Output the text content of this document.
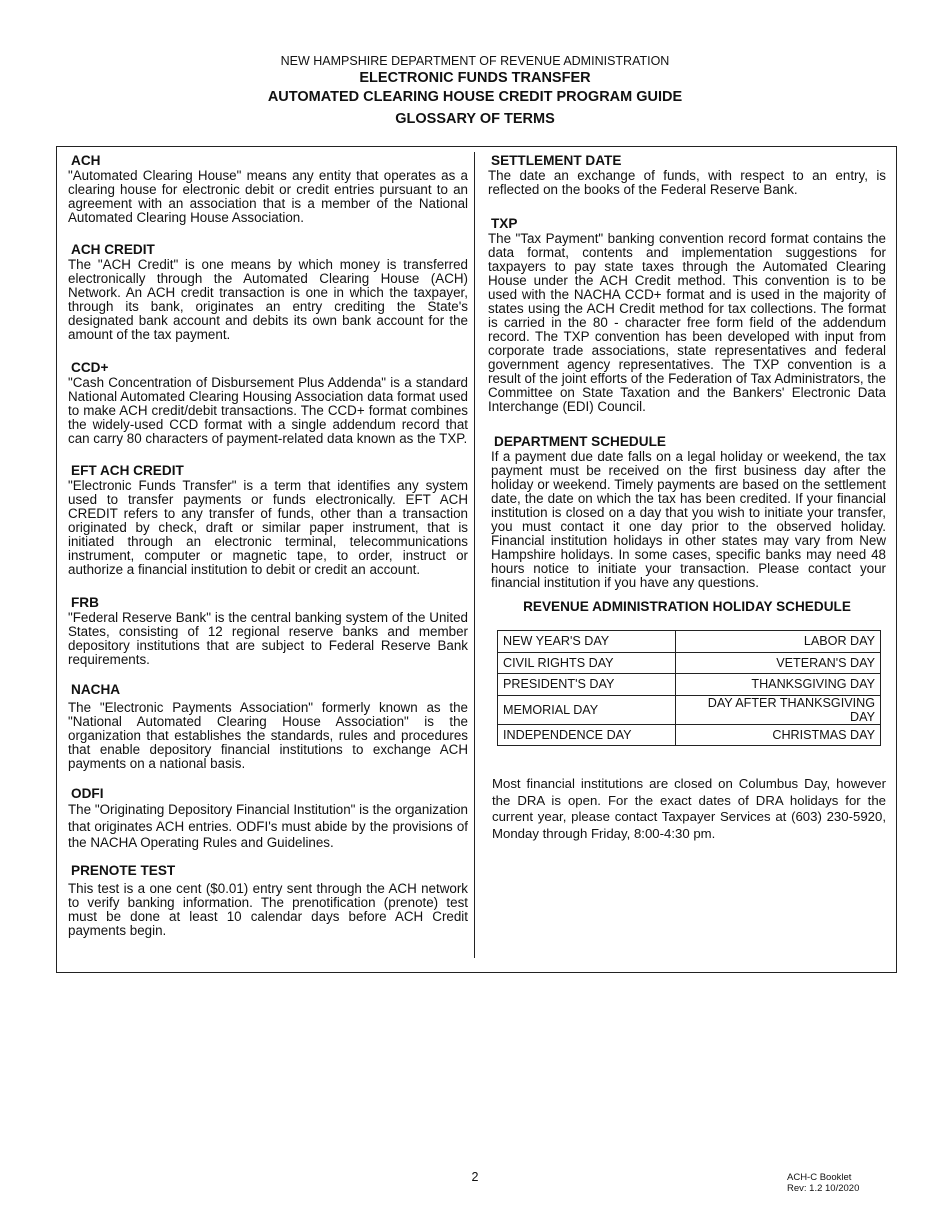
NEW HAMPSHIRE DEPARTMENT OF REVENUE ADMINISTRATION
ELECTRONIC FUNDS TRANSFER
AUTOMATED CLEARING HOUSE CREDIT PROGRAM GUIDE
GLOSSARY OF TERMS
ACH

"Automated Clearing House" means any entity that operates as a clearing house for electronic debit or credit entries pursuant to an agreement with an association that is a member of the National Automated Clearing House Association.

ACH CREDIT

The "ACH Credit" is one means by which money is transferred electronically through the Automated Clearing House (ACH) Network. An ACH credit transaction is one in which the taxpayer, through its bank, originates an entry crediting the State's designated bank account and debits its own bank account for the amount of the tax payment.

CCD+

"Cash Concentration of Disbursement Plus Addenda" is a standard National Automated Clearing Housing Association data format used to make ACH credit/debit transactions. The CCD+ format combines the widely-used CCD format with a single addendum record that can carry 80 characters of payment-related data known as the TXP.

EFT ACH CREDIT

"Electronic Funds Transfer" is a term that identifies any system used to transfer payments or funds electronically. EFT ACH CREDIT refers to any transfer of funds, other than a transaction originated by check, draft or similar paper instrument, that is initiated through an electronic terminal, telecommunications instrument, computer or magnetic tape, to order, instruct or authorize a financial institution to debit or credit an account.

FRB

"Federal Reserve Bank" is the central banking system of the United States, consisting of 12 regional reserve banks and member depository institutions that are subject to Federal Reserve Bank requirements.

NACHA

The "Electronic Payments Association" formerly known as the "National Automated Clearing House Association" is the organization that establishes the standards, rules and procedures that enable depository financial institutions to exchange ACH payments on a national basis.

ODFI

The "Originating Depository Financial Institution" is the organization that originates ACH entries. ODFI's must abide by the provisions of the NACHA Operating Rules and Guidelines.

PRENOTE TEST

This test is a one cent ($0.01) entry sent through the ACH network to verify banking information. The prenotification (prenote) test must be done at least 10 calendar days before ACH Credit payments begin.

SETTLEMENT DATE

The date an exchange of funds, with respect to an entry, is reflected on the books of the Federal Reserve Bank.

TXP

The "Tax Payment" banking convention record format contains the data format, contents and implementation suggestions for taxpayers to pay state taxes through the Automated Clearing House under the ACH Credit method. This convention is to be used with the NACHA CCD+ format and is used in the majority of states using the ACH Credit method for tax collections. The format is carried in the 80 - character free form field of the addendum record. The TXP convention has been developed with input from corporate trade associations, state representatives and federal government agency representatives. The TXP convention is a result of the joint efforts of the Federation of Tax Administrators, the Committee on State Taxation and the Bankers' Electronic Data Interchange (EDI) Council.

DEPARTMENT SCHEDULE

If a payment due date falls on a legal holiday or weekend, the tax payment must be received on the first business day after the holiday or weekend. Timely payments are based on the settlement date, the date on which the tax has been credited. If your financial institution is closed on a day that you wish to initiate your transfer, you must contact it one day prior to the observed holiday. Financial institution holidays in other states may vary from New Hampshire holidays. In some cases, specific banks may need 48 hours notice to initiate your transaction. Please contact your financial institution if you have any questions.

REVENUE ADMINISTRATION HOLIDAY SCHEDULE
NEW YEAR'S DAY	LABOR DAY
CIVIL RIGHTS DAY	VETERAN'S DAY
PRESIDENT'S DAY	THANKSGIVING DAY
MEMORIAL DAY	DAY AFTER THANKSGIVING DAY
INDEPENDENCE DAY	CHRISTMAS DAY

Most financial institutions are closed on Columbus Day, however the DRA is open. For the exact dates of DRA holidays for the current year, please contact Taxpayer Services at (603) 230-5920, Monday through Friday, 8:00-4:30 pm.

2	ACH-C Booklet
Rev: 1.2 10/2020
